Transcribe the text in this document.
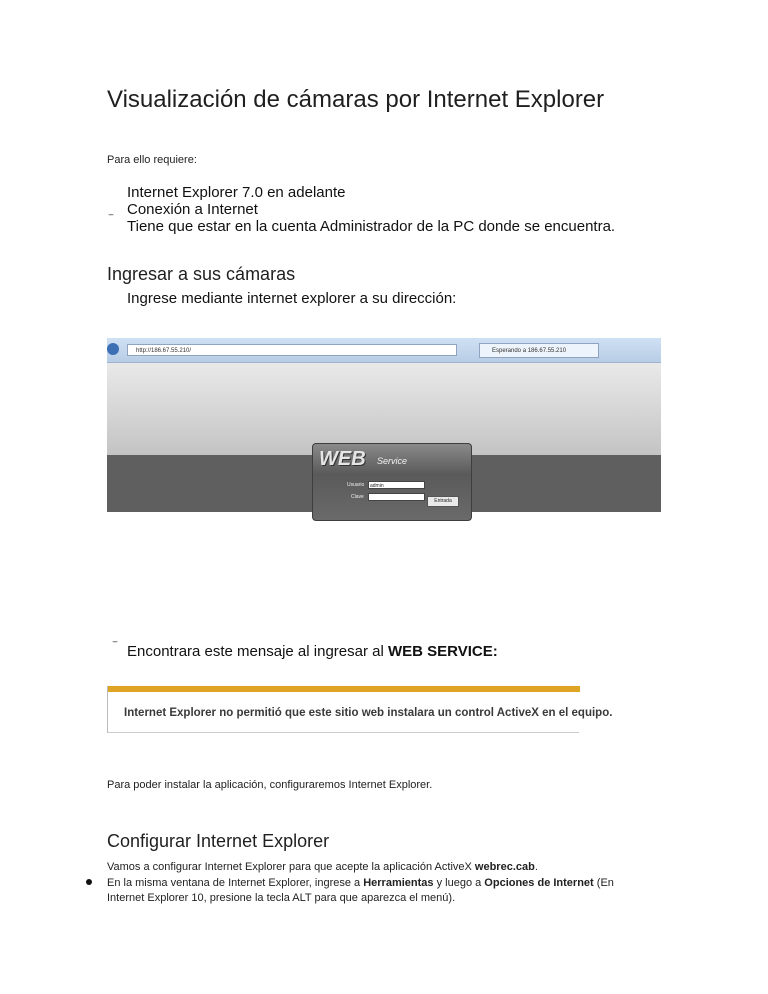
Visualización de cámaras por Internet Explorer
Para ello requiere:
Internet Explorer 7.0 en adelante
Conexión a Internet
‾ Tiene que estar en la cuenta Administrador de la PC donde se encuentra.
Ingresar a sus cámaras
Ingrese mediante internet explorer a su dirección:
http://186.67.55.210/	Esperando a 186.67.55.210
WEB Service
Usuario	admin
Clave
Entrada
‾ Encontrara este mensaje al ingresar al WEB SERVICE:
Internet Explorer no permitió que este sitio web instalara un control ActiveX en el equipo.
Para poder instalar la aplicación, configuraremos Internet Explorer.
Configurar Internet Explorer
Vamos a configurar Internet Explorer para que acepte la aplicación ActiveX webrec.cab.
En la misma ventana de Internet Explorer, ingrese a Herramientas y luego a Opciones de Internet (En
Internet Explorer 10, presione la tecla ALT para que aparezca el menú).
